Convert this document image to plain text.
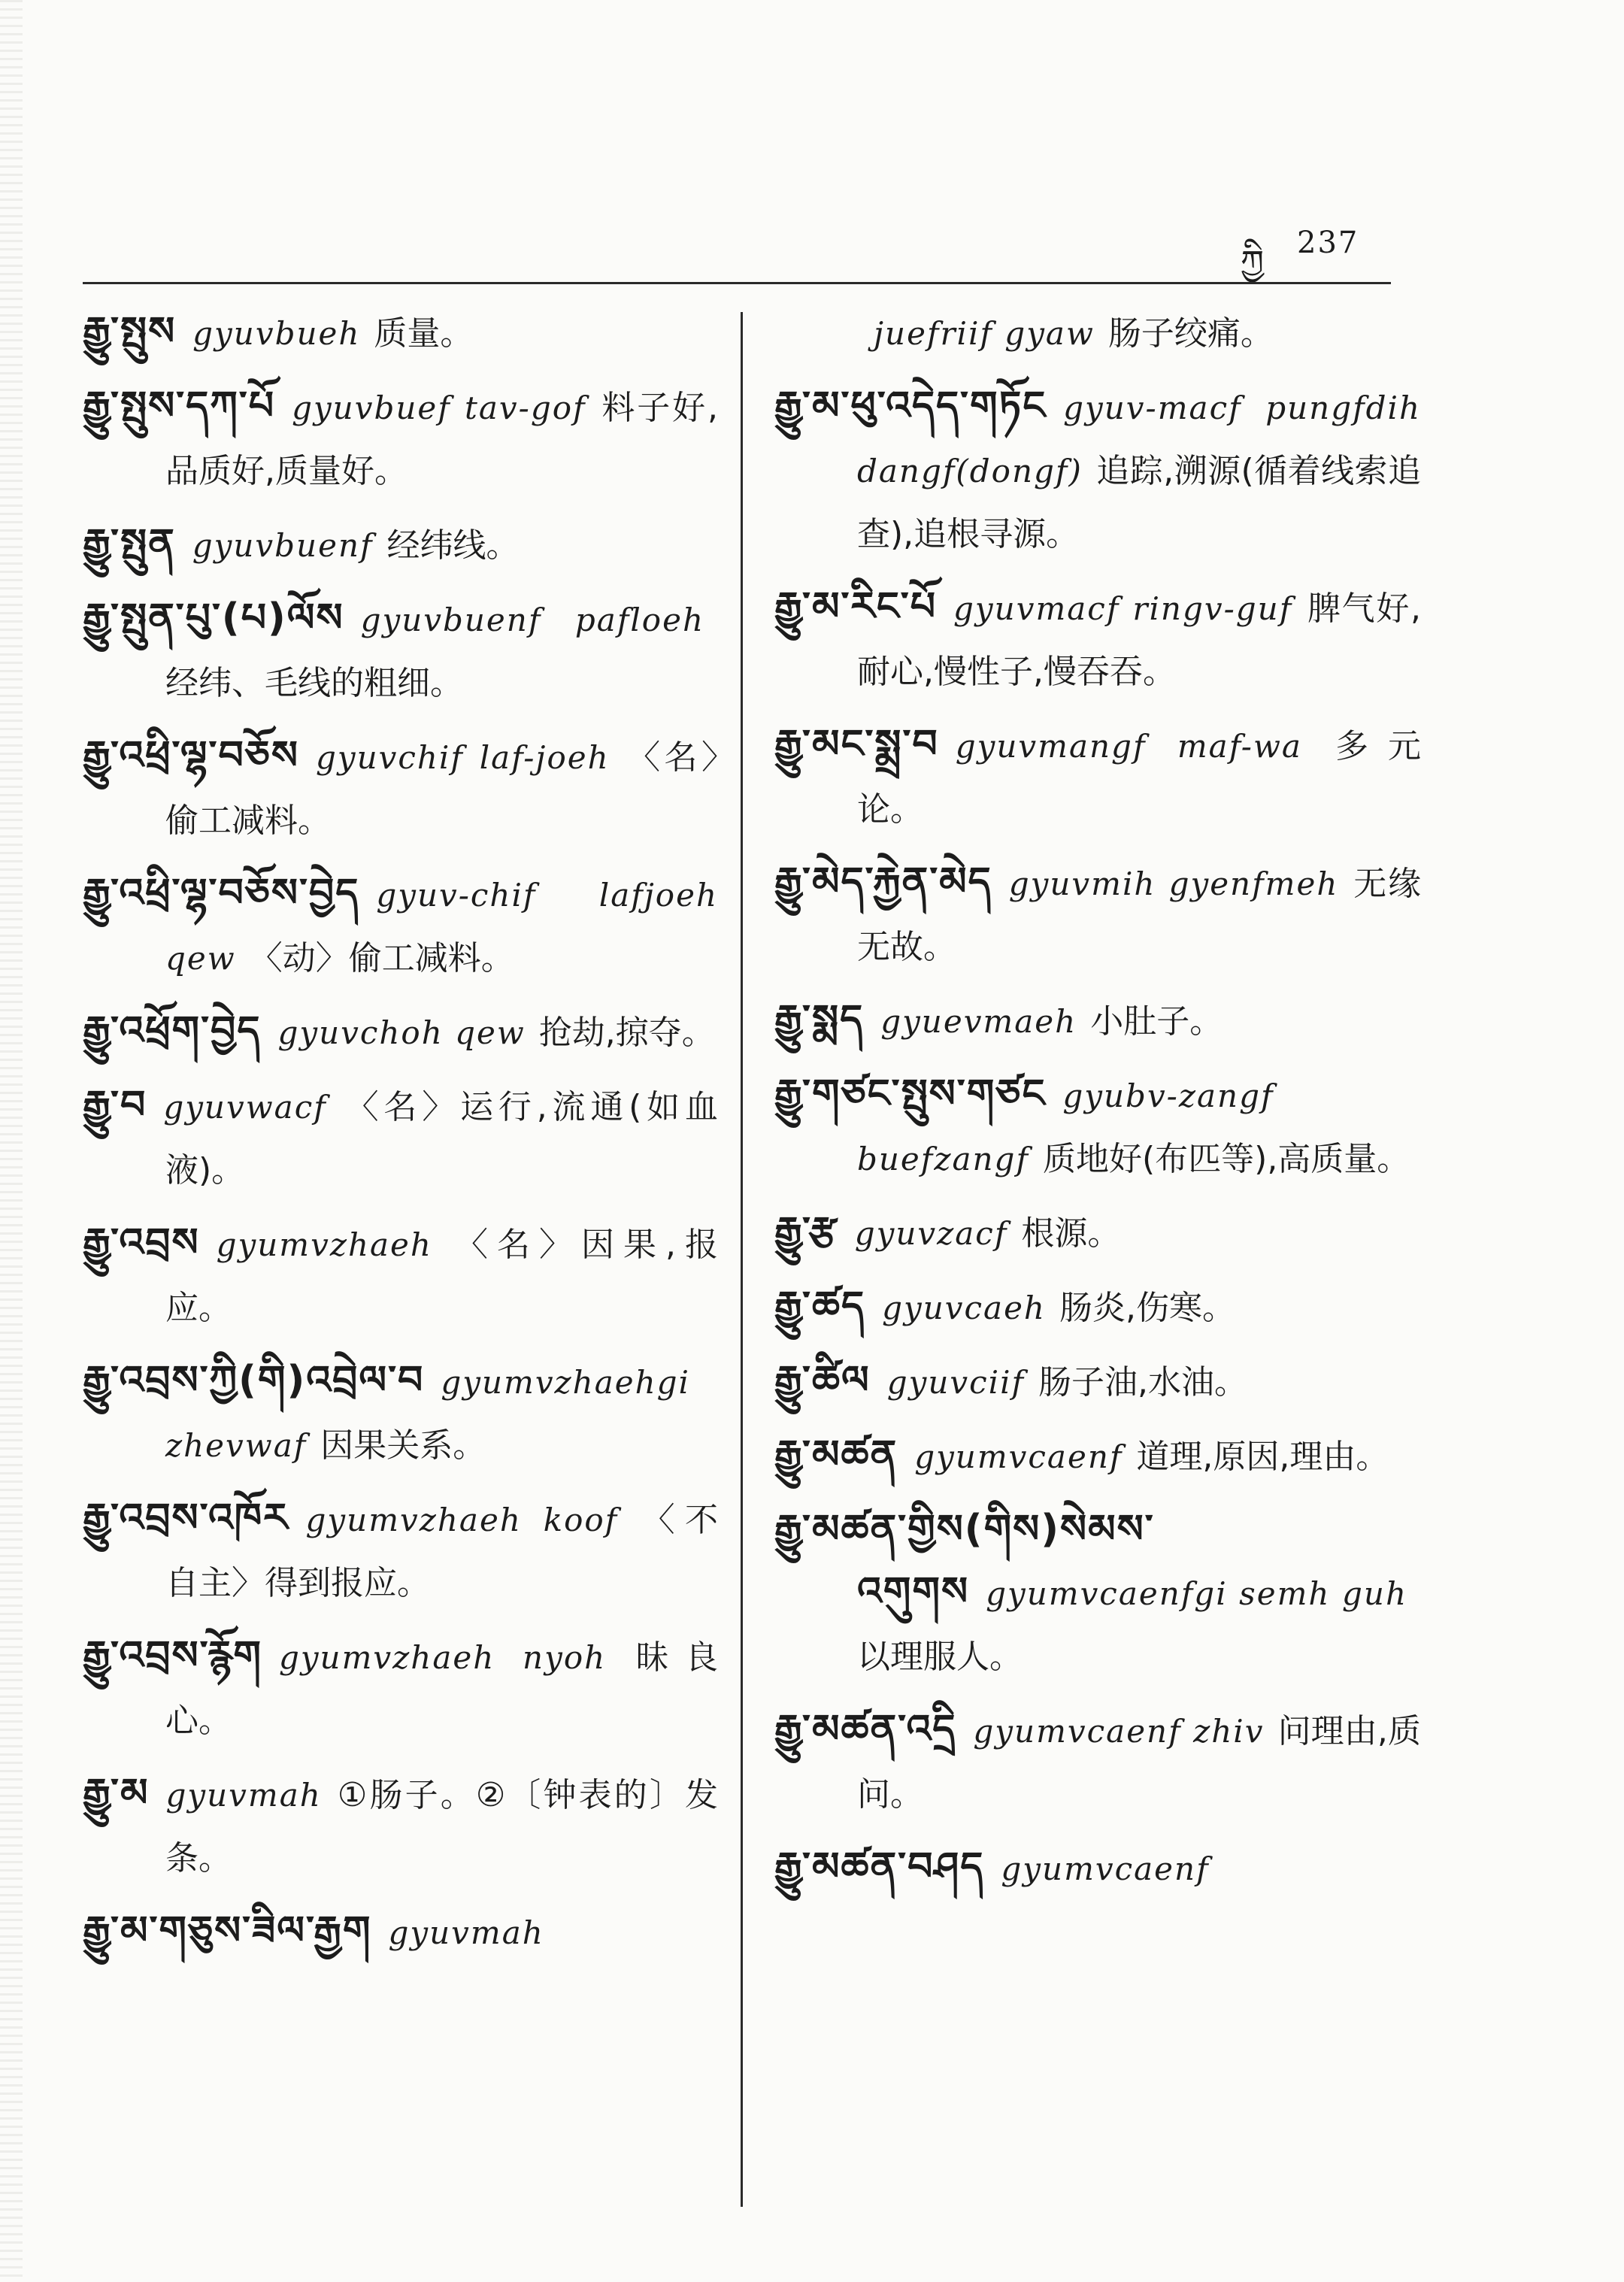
ཀྱི
237

རྒྱུ་སྤུས gyuvbueh 质量。

རྒྱུ་སྤུས་དཀ་པོ gyuvbuef tav-gof 料子好,品质好,质量好。

རྒྱུ་སྤུན gyuvbuenf 经纬线。

རྒྱུ་སྤུན་པུ་(པ)ལོས gyuvbuenf pafloeh经纬、毛线的粗细。

རྒྱུ་འཕྲི་ལྷ་བཅོས gyuvchif laf-joeh 〈名〉偷工减料。

རྒྱུ་འཕྲི་ལྷ་བཅོས་བྱེད gyuv-chif lafjoeh qew 〈动〉偷工减料。

རྒྱུ་འཕྲོག་བྱེད gyuvchoh qew 抢劫,掠夺。

རྒྱུ་བ gyuvwacf 〈名〉运行,流通(如血液)。

རྒྱུ་འབྲས gyumvzhaeh 〈名〉因果,报应。

རྒྱུ་འབྲས་ཀྱི(གི)འབྲེལ་བ gyumvzhaehgi zhevwaf 因果关系。

རྒྱུ་འབྲས་འཁོར gyumvzhaeh koof 〈不自主〉得到报应。

རྒྱུ་འབྲས་རྙོག gyumvzhaeh nyoh 昧良心。

རྒྱུ་མ gyuvmah ①肠子。②〔钟表的〕发条。

རྒྱུ་མ་གཅུས་ཟིལ་རྒྱག gyuvmah

juefriif gyaw 肠子绞痛。

རྒྱུ་མ་ཕུ་འདེད་གཏོང gyuv-macf pungfdih dangf(dongf) 追踪,溯源(循着线索追查),追根寻源。

རྒྱུ་མ་རིང་པོ gyuvmacf ringv-guf 脾气好,耐心,慢性子,慢吞吞。

རྒྱུ་མང་སྨྲ་བ gyuvmangf maf-wa 多元论。

རྒྱུ་མེད་རྐྱེན་མེད gyuvmih gyenfmeh 无缘无故。

རྒྱུ་སྨད gyuevmaeh 小肚子。

རྒྱུ་གཙང་སྤུས་གཙང gyubv-zangf buefzangf 质地好(布匹等),高质量。

རྒྱུ་རྩ gyuvzacf 根源。

རྒྱུ་ཚད gyuvcaeh 肠炎,伤寒。

རྒྱུ་ཚིལ gyuvciif 肠子油,水油。

རྒྱུ་མཚན gyumvcaenf 道理,原因,理由。

རྒྱུ་མཚན་གྱིས(གིས)སེམས་འགུགས gyumvcaenfgi semh guh以理服人。

རྒྱུ་མཚན་འདྲི gyumvcaenf zhiv 问理由,质问。

རྒྱུ་མཚན་བཤད gyumvcaenf
